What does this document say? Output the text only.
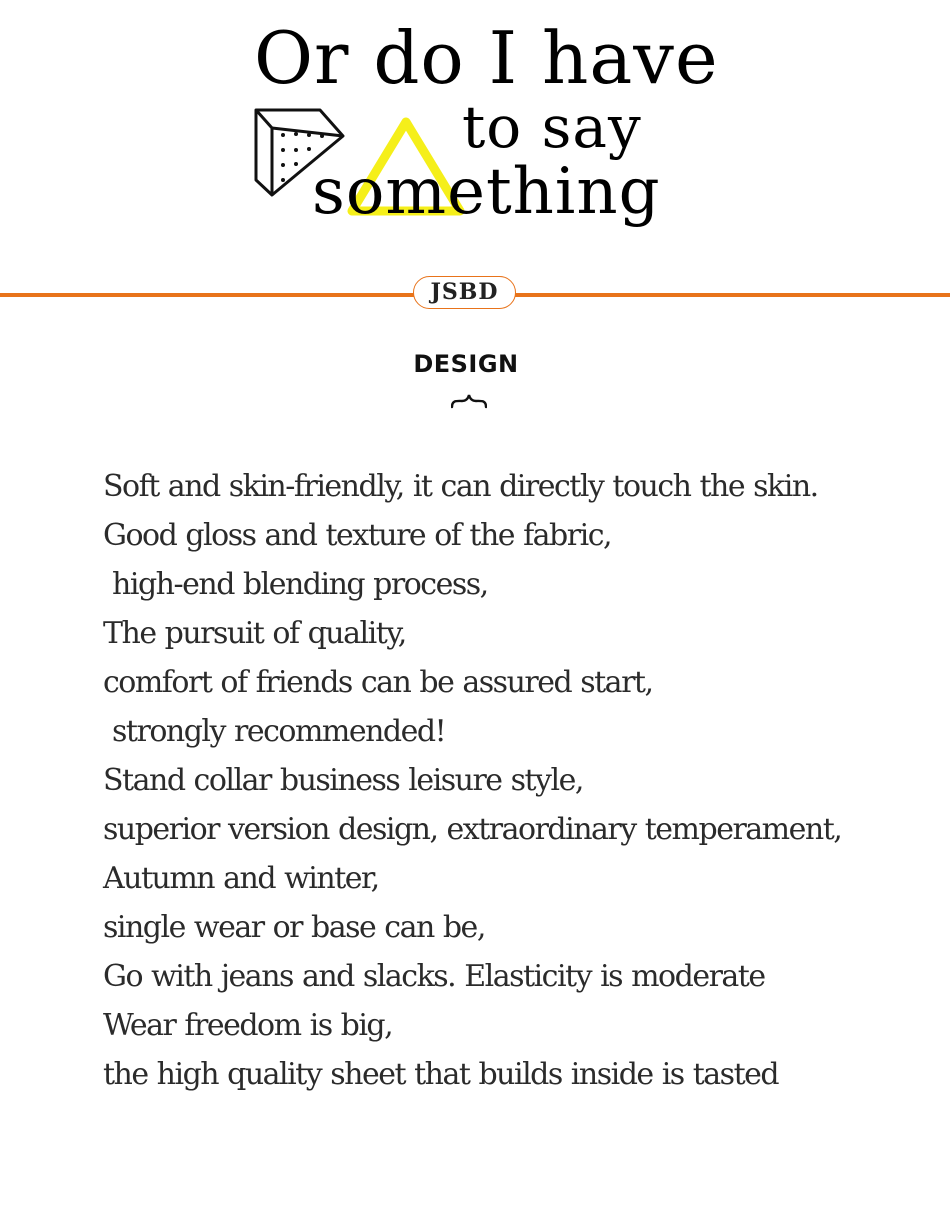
Or do I have
to say
something
JSBD
DESIGN
Soft and skin-friendly, it can directly touch the skin.
Good gloss and texture of the fabric,
high-end blending process,
The pursuit of quality,
comfort of friends can be assured start,
strongly recommended!
Stand collar business leisure style,
superior version design, extraordinary temperament,
Autumn and winter,
single wear or base can be,
Go with jeans and slacks. Elasticity is moderate
Wear freedom is big,
the high quality sheet that builds inside is tasted
